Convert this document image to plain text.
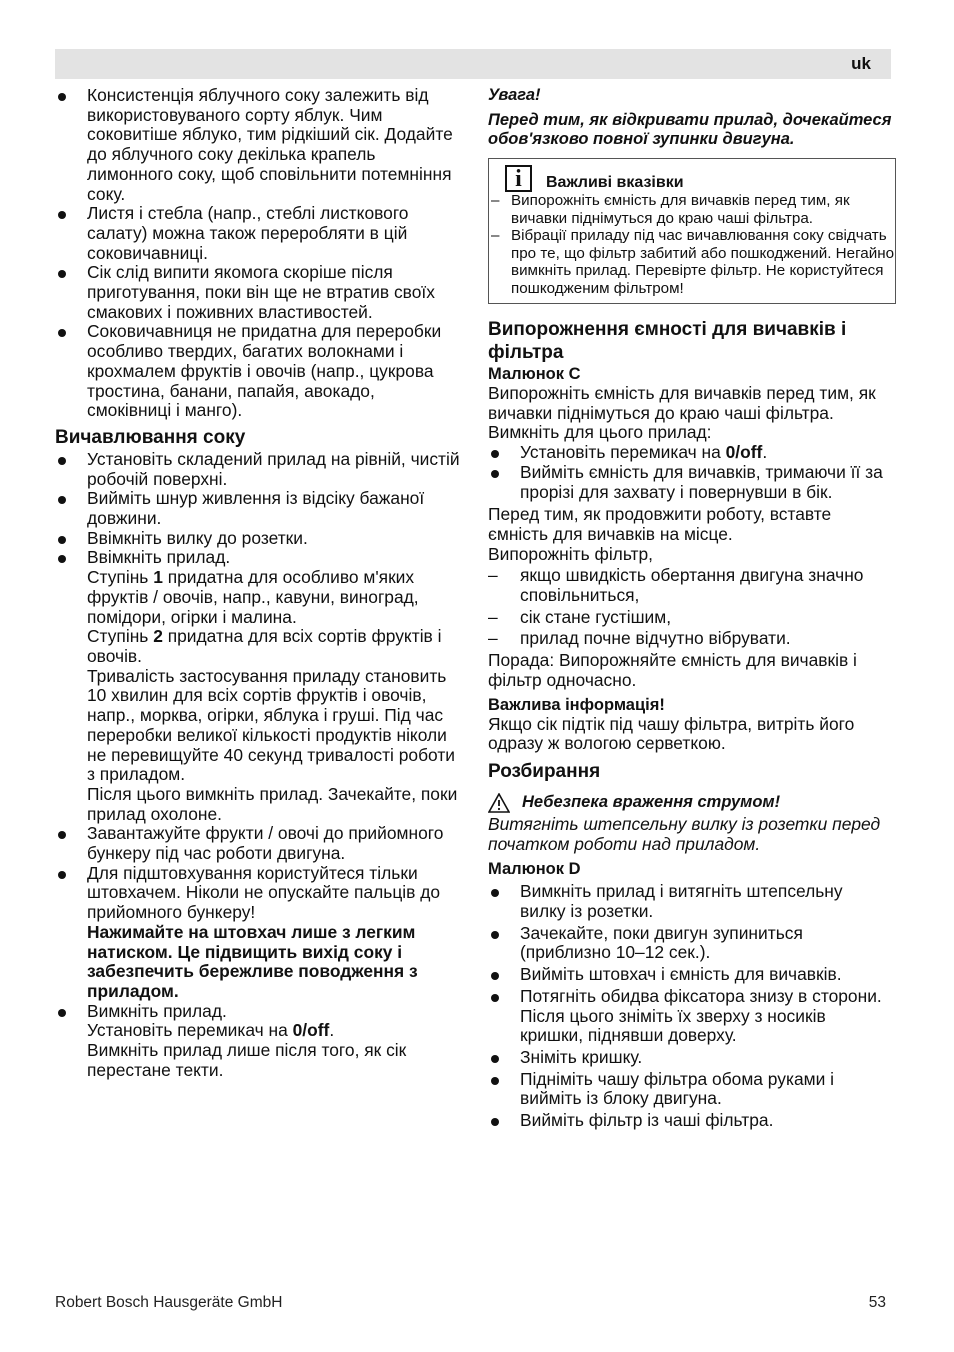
uk

Консистенція яблучного соку залежить від використовуваного сорту яблук. Чим соковитіше яблуко, тим рідкіший сік. Додайте до яблучного соку декілька крапель лимонного соку, щоб сповільнити потемніння соку.

Листя і стебла (напр., стеблі листкового салату) можна також переробляти в цій соковичавниці.

Сік слід випити якомога скоріше після приготування, поки він ще не втратив своїх смакових і поживних властивостей.

Соковичавниця не придатна для переробки особливо твердих, багатих волокнами і крохмалем фруктів і овочів (напр., цукрова тростина, банани, папайя, авокадо, смоківниці і манго).

Вичавлювання соку

Установіть складений прилад на рівній, чистій робочій поверхні.

Вийміть шнур живлення із відсіку бажаної довжини.

Ввімкніть вилку до розетки.

Ввімкніть прилад.

Ступінь 1 придатна для особливо м'яких фруктів / овочів, напр., кавуни, виноград, помідори, огірки і малина.

Ступінь 2 придатна для всіх сортів фруктів і овочів.

Тривалість застосування приладу становить 10 хвилин для всіх сортів фруктів і овочів, напр., морква, огірки, яблука і груші. Під час переробки великої кількості продуктів ніколи не перевищуйте 40 секунд тривалості роботи з приладом.

Після цього вимкніть прилад. Зачекайте, поки прилад охолоне.

Завантажуйте фрукти / овочі до прийомного бункеру під час роботи двигуна.

Для підштовхування користуйтеся тільки штовхачем. Ніколи не опускайте пальців до прийомного бункеру!

Нажимайте на штовхач лише з легким натиском. Це підвищить вихід соку і забезпечить бережливе поводження з приладом.

Вимкніть прилад.

Установіть перемикач на 0/off.

Вимкніть прилад лише після того, як сік перестане текти.

Увага!

Перед тим, як відкривати прилад, дочекайтеся обов'язково повної зупинки двигуна.

i	Важливі вказівки

– Випорожніть ємність для вичавків перед тим, як вичавки піднімуться до краю чаші фільтра.

– Вібрації приладу під час вичавлювання соку свідчать про те, що фільтр забитий або пошкоджений. Негайно вимкніть прилад. Перевірте фільтр. Не користуйтеся пошкодженим фільтром!

Випорожнення ємності для вичавків і фільтра

Малюнок C

Випорожніть ємність для вичавків перед тим, як вичавки піднімуться до краю чаші фільтра. Вимкніть для цього прилад:

Установіть перемикач на 0/off.

Вийміть ємність для вичавків, тримаючи її за прорізі для захвату і повернувши в бік.

Перед тим, як продовжити роботу, вставте ємність для вичавків на місце.

Випорожніть фільтр,

– якщо швидкість обертання двигуна значно сповільниться,

– сік стане густішим,

– прилад почне відчутно вібрувати.

Порада: Випорожняйте ємність для вичавків і фільтр одночасно.

Важлива інформація!

Якщо сік підтік під чашу фільтра, витріть його одразу ж вологою серветкою.

Розбирання

Небезпека враження струмом!

Витягніть штепсельну вилку із розетки перед початком роботи над приладом.

Малюнок D

Вимкніть прилад і витягніть штепсельну вилку із розетки.

Зачекайте, поки двигун зупиниться (приблизно 10–12 сек.).

Вийміть штовхач і ємність для вичавків.

Потягніть обидва фіксатора знизу в сторони. Після цього зніміть їх зверху з носиків кришки, піднявши доверху.

Зніміть кришку.

Підніміть чашу фільтра обома руками і вийміть із блоку двигуна.

Вийміть фільтр із чаші фільтра.

Robert Bosch Hausgeräte GmbH	53
